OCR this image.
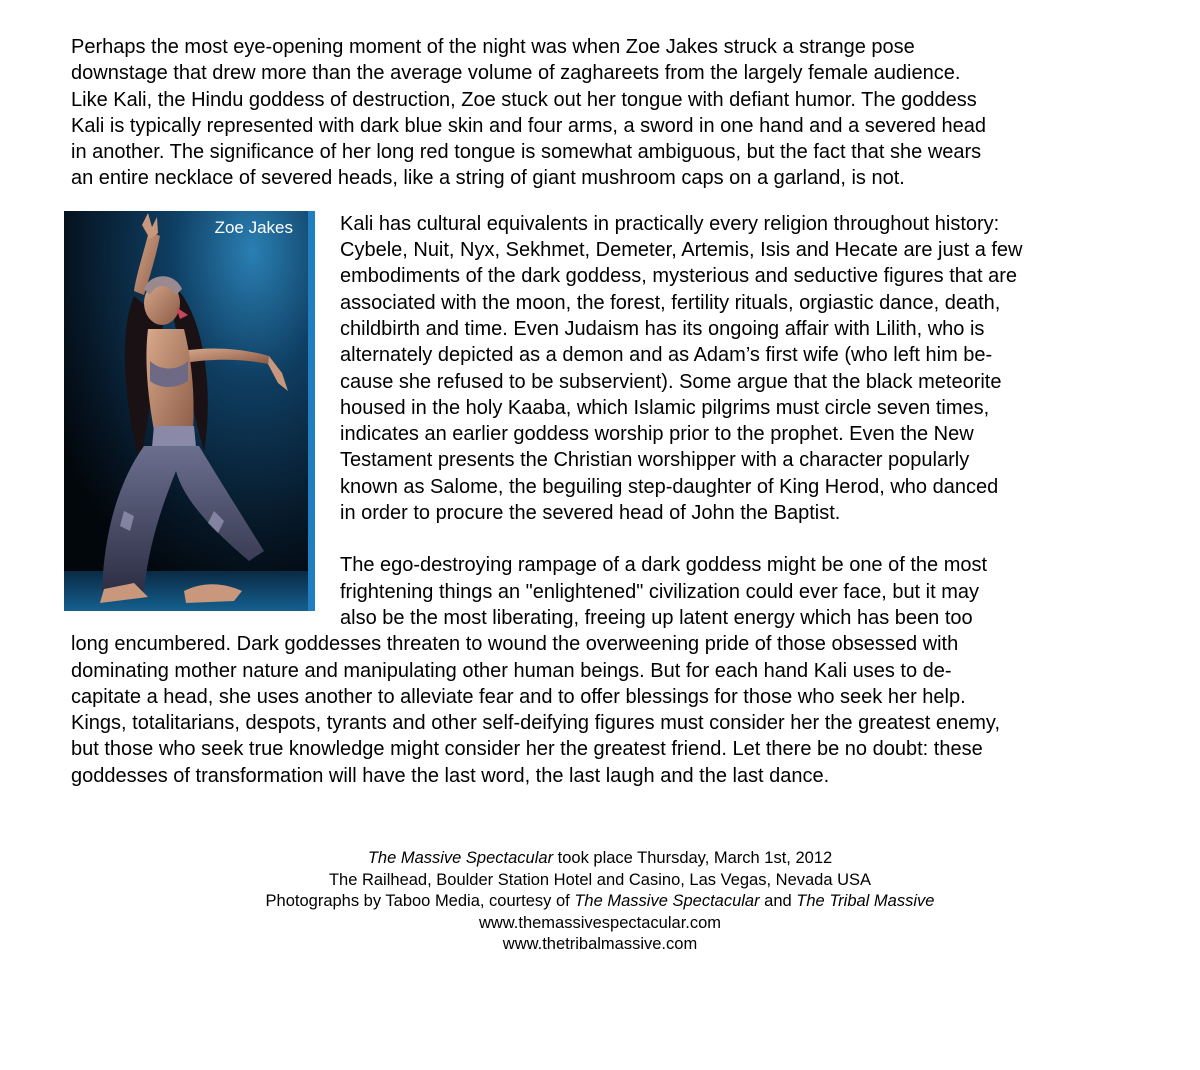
Perhaps the most eye-opening moment of the night was when Zoe Jakes struck a strange pose
downstage that drew more than the average volume of zaghareets from the largely female audience.
Like Kali, the Hindu goddess of destruction, Zoe stuck out her tongue with defiant humor. The goddess
Kali is typically represented with dark blue skin and four arms, a sword in one hand and a severed head
in another. The significance of her long red tongue is somewhat ambiguous, but the fact that she wears
an entire necklace of severed heads, like a string of giant mushroom caps on a garland, is not.

Zoe Jakes	Kali has cultural equivalents in practically every religion throughout history:
Cybele, Nuit, Nyx, Sekhmet, Demeter, Artemis, Isis and Hecate are just a few
embodiments of the dark goddess, mysterious and seductive figures that are
associated with the moon, the forest, fertility rituals, orgiastic dance, death,
childbirth and time. Even Judaism has its ongoing affair with Lilith, who is
alternately depicted as a demon and as Adam’s first wife (who left him be-
cause she refused to be subservient). Some argue that the black meteorite
housed in the holy Kaaba, which Islamic pilgrims must circle seven times,
indicates an earlier goddess worship prior to the prophet. Even the New
Testament presents the Christian worshipper with a character popularly
known as Salome, the beguiling step-daughter of King Herod, who danced
in order to procure the severed head of John the Baptist.

The ego-destroying rampage of a dark goddess might be one of the most
frightening things an "enlightened" civilization could ever face, but it may
also be the most liberating, freeing up latent energy which has been too
long encumbered. Dark goddesses threaten to wound the overweening pride of those obsessed with
dominating mother nature and manipulating other human beings. But for each hand Kali uses to de-
capitate a head, she uses another to alleviate fear and to offer blessings for those who seek her help.
Kings, totalitarians, despots, tyrants and other self-deifying figures must consider her the greatest enemy,
but those who seek true knowledge might consider her the greatest friend. Let there be no doubt: these
goddesses of transformation will have the last word, the last laugh and the last dance.

The Massive Spectacular took place Thursday, March 1st, 2012
The Railhead, Boulder Station Hotel and Casino, Las Vegas, Nevada USA
Photographs by Taboo Media, courtesy of The Massive Spectacular and The Tribal Massive
www.themassivespectacular.com
www.thetribalmassive.com
